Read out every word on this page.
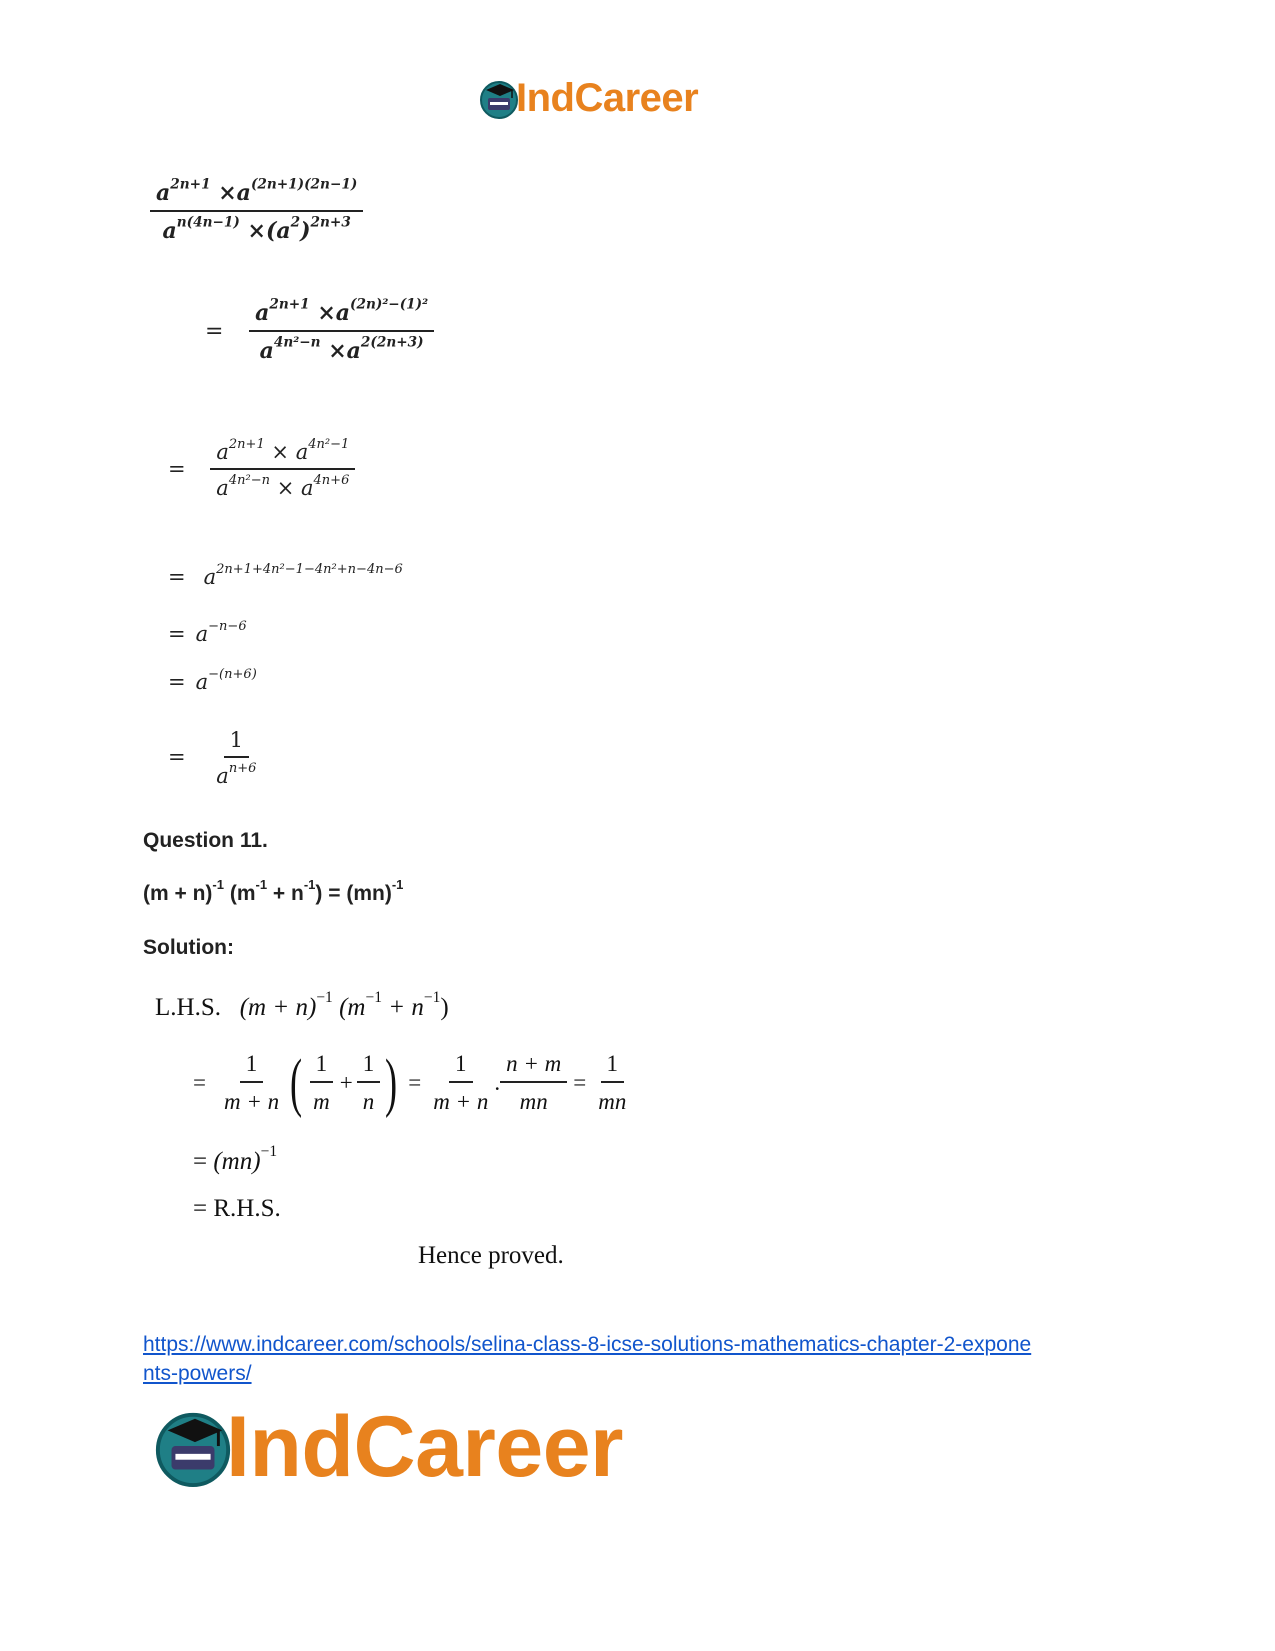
IndCareer
$\frac{a^{2n+1} \times a^{(2n+1)(2n-1)}}{a^{n(4n-1)} \times(a^2)^{2n+3}}$
= $\frac{a^{2n+1} \times a^{(2n)^2-(1)^2}}{a^{4n^2-n} \times a^{2(2n+3)}}$
= $\frac{a^{2n+1} \times a^{4n^2-1}}{a^{4n^2-n} \times a^{4n+6}}$
= $a^{2n+1+4n^2-1-4n^2+n-4n-6}$
= $a^{-n-6}$
= $a^{-(n+6)}$
= $\frac{1}{a^{n+6}}$
Question 11.
$(m + n)^{-1}$ $(m^{-1} + n^{-1}) = (mn)^{-1}$
Solution:
L.H.S. $(m + n)^{-1}$ $(m^{-1} + n^{-1})$
= $\frac{1}{m + n}$ ( $\frac{1}{m} + \frac{1}{n}$ ) = $\frac{1}{m + n}$ . $\frac{n + m}{mn} = \frac{1}{mn}$
= (mn)$^{-1}$
= R.H.S.
Hence proved.
https://www.indcareer.com/schools/selina-class-8-icse-solutions-mathematics-chapter-2-expone
nts-powers/
IndCareer
